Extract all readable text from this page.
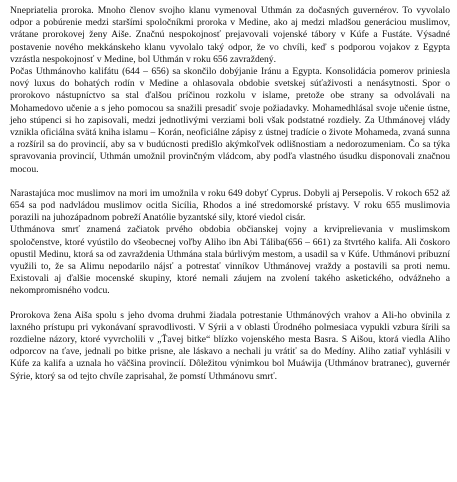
Nnepriatelia proroka. Mnoho členov svojho klanu vymenoval Uthmán za dočasných guvernérov. To vyvolalo odpor a pobúrenie medzi staršími spoločníkmi proroka v Medine, ako aj medzi mladšou generáciou muslimov, vrátane prorokovej ženy Aiše. Značnú nespokojnosť prejavovali vojenské tábory v Kúfe a Fustáte. Výsadné postavenie nového mekkánskeho klanu vyvolalo taký odpor, že vo chvíli, keď s podporou vojakov z Egypta vzrástla nespokojnosť v Medine, bol Uthmán v roku 656 zavraždený.
Počas Uthmánovho kalifátu (644 – 656) sa skončilo dobýjanie Iránu a Egypta. Konsolidácia pomerov priniesla nový luxus do bohatých rodín v Medine a ohlasovala obdobie svetskej súťaživosti a nenásytnosti. Spor o prorokovo nástupníctvo sa stal ďalšou príčinou rozkolu v islame, pretože obe strany sa odvolávali na Mohamedovo učenie a s jeho pomocou sa snažili presadiť svoje požiadavky. Mohamedhlásal svoje učenie ústne, jeho stúpenci si ho zapisovali, medzi jednotlivými verziami boli však podstatné rozdiely. Za Uthmánovej vlády vznikla oficiálna svätá kniha islamu – Korán, neoficiálne zápisy z ústnej tradície o živote Mohameda, zvaná sunna a rozšíril sa do provincií, aby sa v budúcnosti predišlo akýmkoľvek odlišnostiam a nedorozumeniam. Čo sa týka spravovania provincií, Uthmán umožnil provinčným vládcom, aby podľa vlastného úsudku disponovali značnou mocou.

Narastajúca moc muslimov na mori im umožnila v roku 649 dobyť Cyprus. Dobyli aj Persepolis. V rokoch 652 až 654 sa pod nadvládou muslimov ocitla Sicília, Rhodos a iné stredomorské prístavy. V roku 655 muslimovia porazili na juhozápadnom pobreží Anatólie byzantské sily, ktoré viedol cisár.
Uthmánova smrť znamená začiatok prvého obdobia občianskej vojny a krviprelievania v muslimskom spoločenstve, ktoré vyústilo do všeobecnej voľby Aliho ibn Abi Táliba(656 – 661) za štvrtého kalifa. Ali čoskoro opustil Medinu, ktorá sa od zavraždenia Uthmána stala búrlivým mestom, a usadil sa v Kúfe. Uthmánovi príbuzní využili to, že sa Alimu nepodarilo nájsť a potrestať vinníkov Uthmánovej vraždy a postavili sa proti nemu. Existovali aj ďalšie mocenské skupiny, ktoré nemali záujem na zvolení takého asketického, odvážneho a nekompromisného vodcu.

Prorokova žena Aiša spolu s jeho dvoma druhmi žiadala potrestanie Uthmánových vrahov a Ali-ho obvinila z laxného prístupu pri vykonávaní spravodlivosti. V Sýrii a v oblasti Úrodného polmesiaca vypukli vzbura šírili sa rozdielne názory, ktoré vyvrcholili v „Ťavej bitke“ blízko vojenského mesta Basra. S Aišou, ktorá viedla Aliho odporcov na ťave, jednali po bitke prisne, ale láskavo a nechali ju vrátiť sa do Medíny. Aliho zatiaľ vyhlásili v Kúfe za kalifa a uznala ho väčšina provincií. Dôležitou výnimkou bol Muáwija (Uthmánov bratranec), guvernér Sýrie, ktorý sa od tejto chvíle zaprisahal, že pomstí Uthmánovu smrť.
